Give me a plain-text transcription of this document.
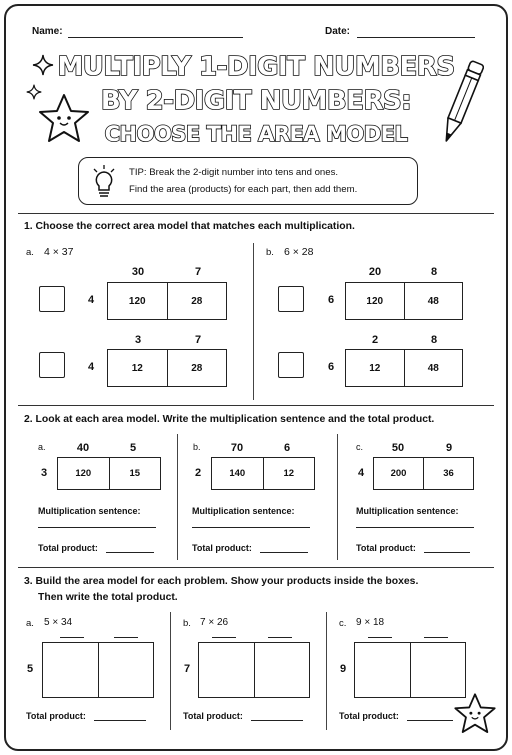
Name:	Date:
MULTIPLY 1-DIGIT NUMBERS
BY 2-DIGIT NUMBERS:
CHOOSE THE AREA MODEL
TIP: Break the 2-digit number into tens and ones.
Find the area (products) for each part, then add them.
1. Choose the correct area model that matches each multiplication.
a. 4 × 37
30	7
4	120	28
3	7
4	12	28
b. 6 × 28
20	8
6	120	48
2	8
6	12	48
2. Look at each area model. Write the multiplication sentence and the total product.
a.	40	5
3	120	15
Multiplication sentence:
Total product:
b.	70	6
2	140	12
Multiplication sentence:
Total product:
c.	50	9
4	200	36
Multiplication sentence:
Total product:
3. Build the area model for each problem. Show your products inside the boxes.
Then write the total product.
a. 5 × 34
5
Total product:
b. 7 × 26
7
Total product:
c. 9 × 18
9
Total product:
